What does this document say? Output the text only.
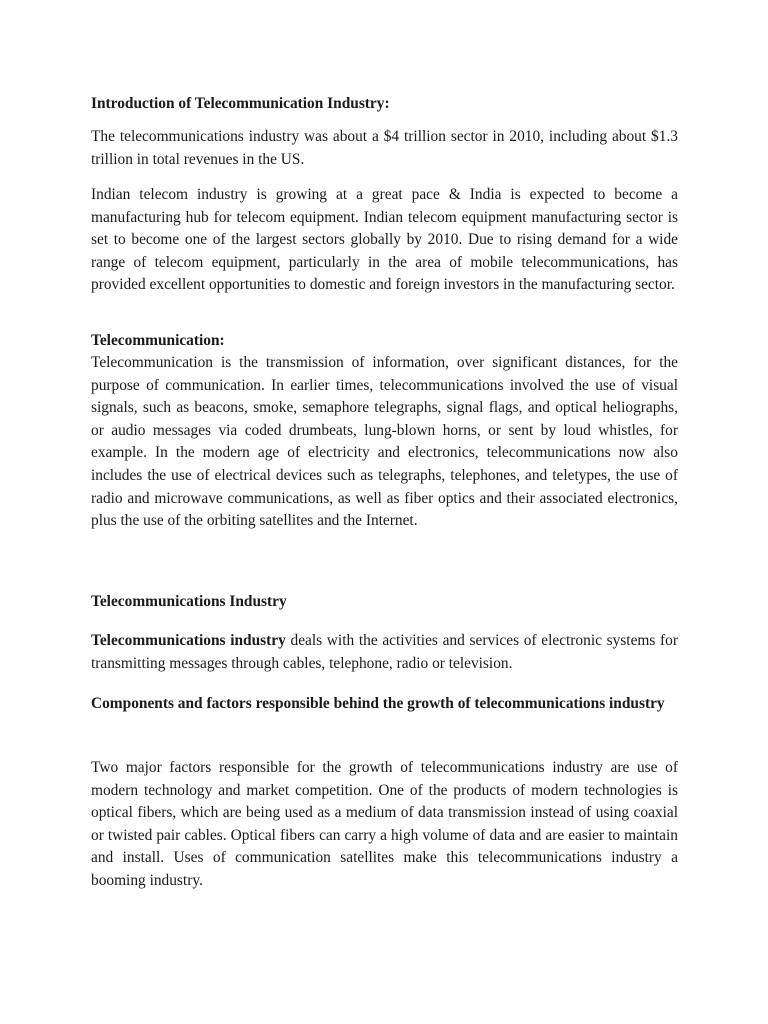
Introduction of Telecommunication Industry:

The telecommunications industry was about a $4 trillion sector in 2010, including about $1.3 trillion in total revenues in the US.

Indian telecom industry is growing at a great pace & India is expected to become a manufacturing hub for telecom equipment. Indian telecom equipment manufacturing sector is set to become one of the largest sectors globally by 2010. Due to rising demand for a wide range of telecom equipment, particularly in the area of mobile telecommunications, has provided excellent opportunities to domestic and foreign investors in the manufacturing sector.

Telecommunication:

Telecommunication is the transmission of information, over significant distances, for the purpose of communication. In earlier times, telecommunications involved the use of visual signals, such as beacons, smoke, semaphore telegraphs, signal flags, and optical heliographs, or audio messages via coded drumbeats, lung-blown horns, or sent by loud whistles, for example. In the modern age of electricity and electronics, telecommunications now also includes the use of electrical devices such as telegraphs, telephones, and teletypes, the use of radio and microwave communications, as well as fiber optics and their associated electronics, plus the use of the orbiting satellites and the Internet.

Telecommunications Industry

Telecommunications industry deals with the activities and services of electronic systems for transmitting messages through cables, telephone, radio or television.

Components and factors responsible behind the growth of telecommunications industry

Two major factors responsible for the growth of telecommunications industry are use of modern technology and market competition. One of the products of modern technologies is optical fibers, which are being used as a medium of data transmission instead of using coaxial or twisted pair cables. Optical fibers can carry a high volume of data and are easier to maintain and install. Uses of communication satellites make this telecommunications industry a booming industry.
